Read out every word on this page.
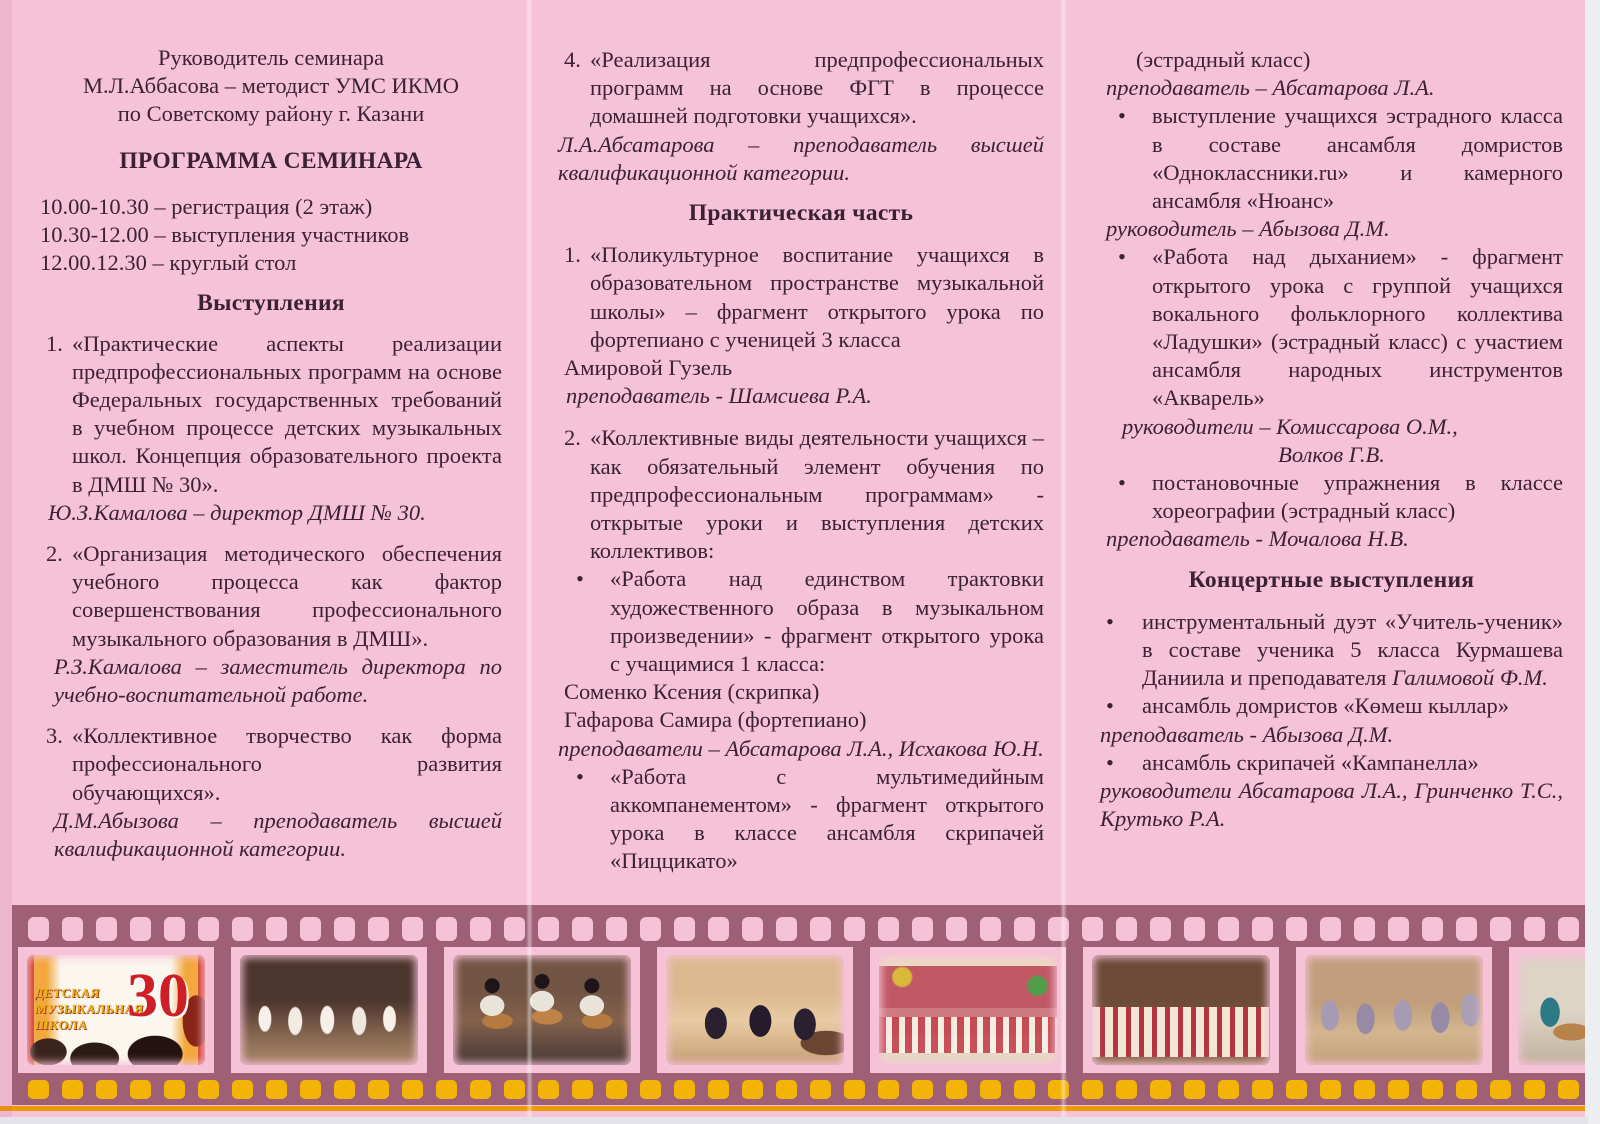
Руководитель семинара
М.Л.Аббасова – методист УМС ИКМО
по Советскому району г. Казани
ПРОГРАММА СЕМИНАРА
10.00-10.30 – регистрация (2 этаж)
10.30-12.00 – выступления участников
12.00.12.30 – круглый стол
Выступления
1. «Практические аспекты реализации предпрофессиональных программ на основе Федеральных государственных требований в учебном процессе детских музыкальных школ. Концепция образовательного проекта в ДМШ № 30».
Ю.З.Камалова – директор ДМШ № 30.
2. «Организация методического обеспечения учебного процесса как фактор совершенствования профессионального музыкального образования в ДМШ».
Р.З.Камалова – заместитель директора по учебно-воспитательной работе.
3. «Коллективное творчество как форма профессионального развития обучающихся».
Д.М.Абызова – преподаватель высшей квалификационной категории.
4. «Реализация предпрофессиональных программ на основе ФГТ в процессе домашней подготовки учащихся».
Л.А.Абсатарова – преподаватель высшей квалификационной категории.
Практическая часть
1. «Поликультурное воспитание учащихся в образовательном пространстве музыкальной школы» – фрагмент открытого урока по фортепиано с ученицей 3 класса
Амировой Гузель
преподаватель - Шамсиева Р.А.
2. «Коллективные виды деятельности учащихся – как обязательный элемент обучения по предпрофессиональным программам» - открытые уроки и выступления детских коллективов:
• «Работа над единством трактовки художественного образа в музыкальном произведении» - фрагмент открытого урока с учащимися 1 класса:
Соменко Ксения (скрипка)
Гафарова Самира (фортепиано)
преподаватели – Абсатарова Л.А., Исхакова Ю.Н.
• «Работа с мультимедийным аккомпанементом» - фрагмент открытого урока в классе ансамбля скрипачей «Пиццикато»
(эстрадный класс)
преподаватель – Абсатарова Л.А.
• выступление учащихся эстрадного класса в составе ансамбля домристов «Одноклассники.ru» и камерного ансамбля «Нюанс»
руководитель – Абызова Д.М.
• «Работа над дыханием» - фрагмент открытого урока с группой учащихся вокального фольклорного коллектива «Ладушки» (эстрадный класс) с участием ансамбля народных инструментов «Акварель»
руководители – Комиссарова О.М.,
Волков Г.В.
• постановочные упражнения в классе хореографии (эстрадный класс)
преподаватель - Мочалова Н.В.
Концертные выступления
• инструментальный дуэт «Учитель-ученик» в составе ученика 5 класса Курмашева Даниила и преподавателя Галимовой Ф.М.
• ансамбль домристов «Көмеш кыллар»
преподаватель - Абызова Д.М.
• ансамбль скрипачей «Кампанелла»
руководители Абсатарова Л.А., Гринченко Т.С., Крутько Р.А.
ДЕТСКАЯ
МУЗЫКАЛЬНАЯ
ШКОЛА 30
